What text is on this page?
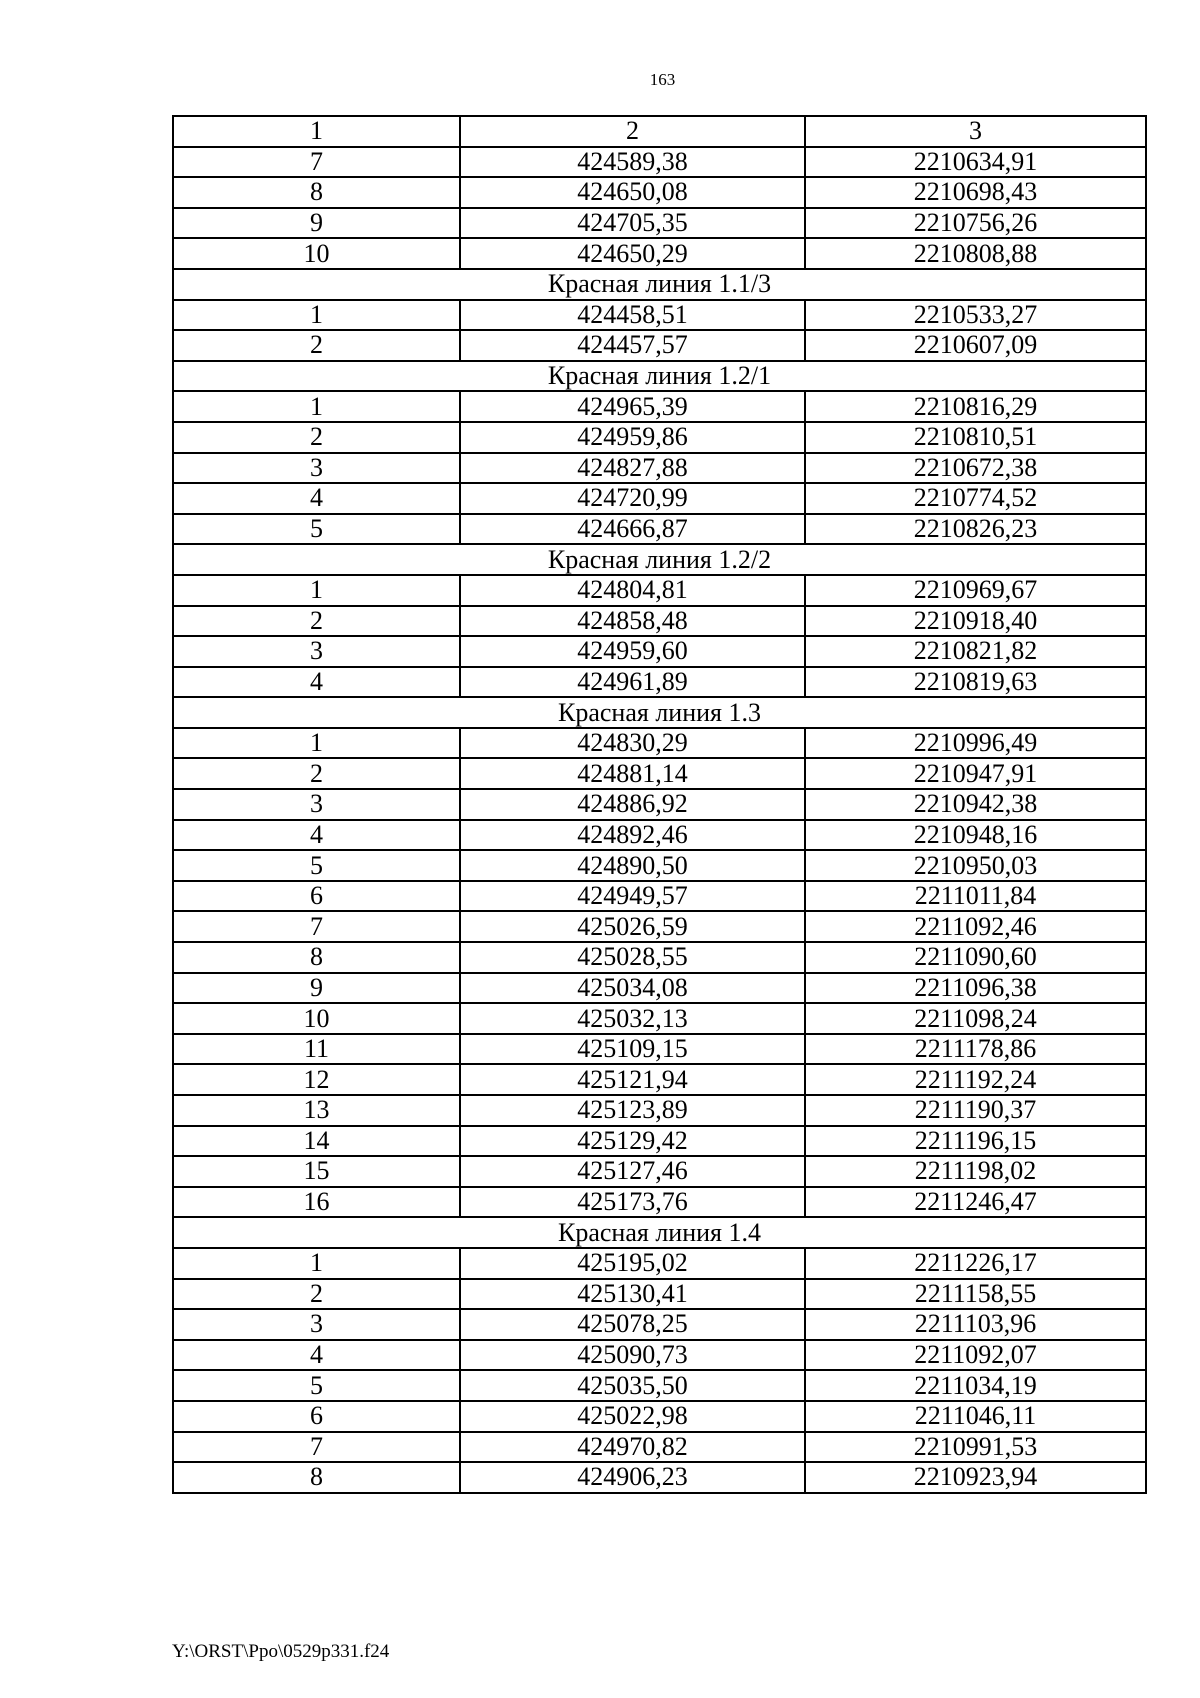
163
1	2	3
7	424589,38	2210634,91
8	424650,08	2210698,43
9	424705,35	2210756,26
10	424650,29	2210808,88
Красная линия 1.1/3		
1	424458,51	2210533,27
2	424457,57	2210607,09
Красная линия 1.2/1		
1	424965,39	2210816,29
2	424959,86	2210810,51
3	424827,88	2210672,38
4	424720,99	2210774,52
5	424666,87	2210826,23
Красная линия 1.2/2		
1	424804,81	2210969,67
2	424858,48	2210918,40
3	424959,60	2210821,82
4	424961,89	2210819,63
Красная линия 1.3		
1	424830,29	2210996,49
2	424881,14	2210947,91
3	424886,92	2210942,38
4	424892,46	2210948,16
5	424890,50	2210950,03
6	424949,57	2211011,84
7	425026,59	2211092,46
8	425028,55	2211090,60
9	425034,08	2211096,38
10	425032,13	2211098,24
11	425109,15	2211178,86
12	425121,94	2211192,24
13	425123,89	2211190,37
14	425129,42	2211196,15
15	425127,46	2211198,02
16	425173,76	2211246,47
Красная линия 1.4		
1	425195,02	2211226,17
2	425130,41	2211158,55
3	425078,25	2211103,96
4	425090,73	2211092,07
5	425035,50	2211034,19
6	425022,98	2211046,11
7	424970,82	2210991,53
8	424906,23	2210923,94
Y:\ORST\Ppo\0529p331.f24
